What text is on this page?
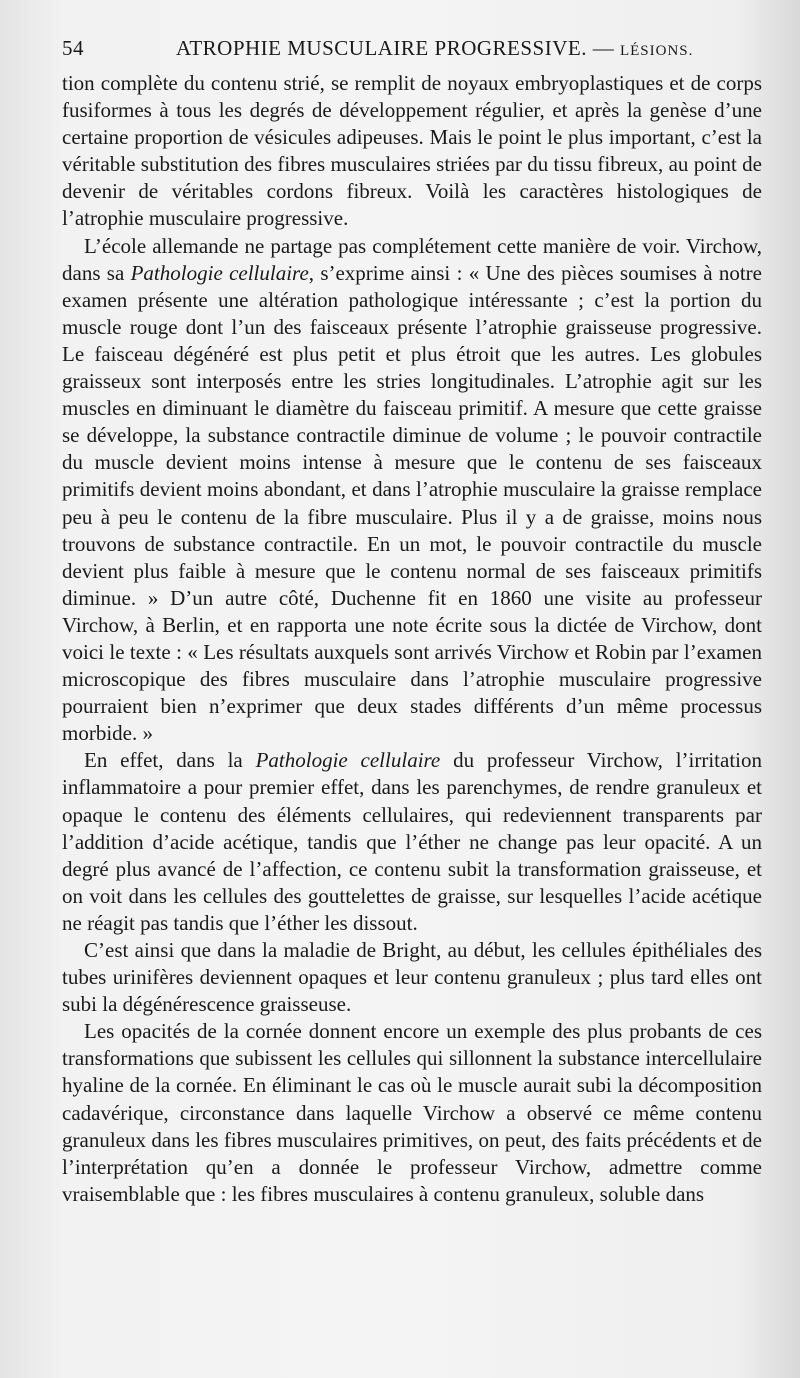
54	ATROPHIE MUSCULAIRE PROGRESSIVE. — LÉSIONS.

tion complète du contenu strié, se remplit de noyaux embryoplastiques et de corps fusiformes à tous les degrés de développement régulier, et après la genèse d’une certaine proportion de vésicules adipeuses. Mais le point le plus important, c’est la véritable substitution des fibres musculaires striées par du tissu fibreux, au point de devenir de véritables cordons fibreux. Voilà les caractères histologiques de l’atrophie musculaire progressive.

L’école allemande ne partage pas complétement cette manière de voir. Virchow, dans sa Pathologie cellulaire, s’exprime ainsi : « Une des pièces soumises à notre examen présente une altération pathologique intéressante ; c’est la portion du muscle rouge dont l’un des faisceaux présente l’atrophie graisseuse progressive. Le faisceau dégénéré est plus petit et plus étroit que les autres. Les globules graisseux sont interposés entre les stries longitudinales. L’atrophie agit sur les muscles en diminuant le diamètre du faisceau primitif. A mesure que cette graisse se développe, la substance contractile diminue de volume ; le pouvoir contractile du muscle devient moins intense à mesure que le contenu de ses faisceaux primitifs devient moins abondant, et dans l’atrophie musculaire la graisse remplace peu à peu le contenu de la fibre musculaire. Plus il y a de graisse, moins nous trouvons de substance contractile. En un mot, le pouvoir contractile du muscle devient plus faible à mesure que le contenu normal de ses faisceaux primitifs diminue. » D’un autre côté, Duchenne fit en 1860 une visite au professeur Virchow, à Berlin, et en rapporta une note écrite sous la dictée de Virchow, dont voici le texte : « Les résultats auxquels sont arrivés Virchow et Robin par l’examen microscopique des fibres musculaire dans l’atrophie musculaire progressive pourraient bien n’exprimer que deux stades différents d’un même processus morbide. »

En effet, dans la Pathologie cellulaire du professeur Virchow, l’irritation inflammatoire a pour premier effet, dans les parenchymes, de rendre granuleux et opaque le contenu des éléments cellulaires, qui redeviennent transparents par l’addition d’acide acétique, tandis que l’éther ne change pas leur opacité. A un degré plus avancé de l’affection, ce contenu subit la transformation graisseuse, et on voit dans les cellules des gouttelettes de graisse, sur lesquelles l’acide acétique ne réagit pas tandis que l’éther les dissout.

C’est ainsi que dans la maladie de Bright, au début, les cellules épithéliales des tubes urinifères deviennent opaques et leur contenu granuleux ; plus tard elles ont subi la dégénérescence graisseuse.

Les opacités de la cornée donnent encore un exemple des plus probants de ces transformations que subissent les cellules qui sillonnent la substance intercellulaire hyaline de la cornée. En éliminant le cas où le muscle aurait subi la décomposition cadavérique, circonstance dans laquelle Virchow a observé ce même contenu granuleux dans les fibres musculaires primitives, on peut, des faits précédents et de l’interprétation qu’en a donnée le professeur Virchow, admettre comme vraisemblable que : les fibres musculaires à contenu granuleux, soluble dans
